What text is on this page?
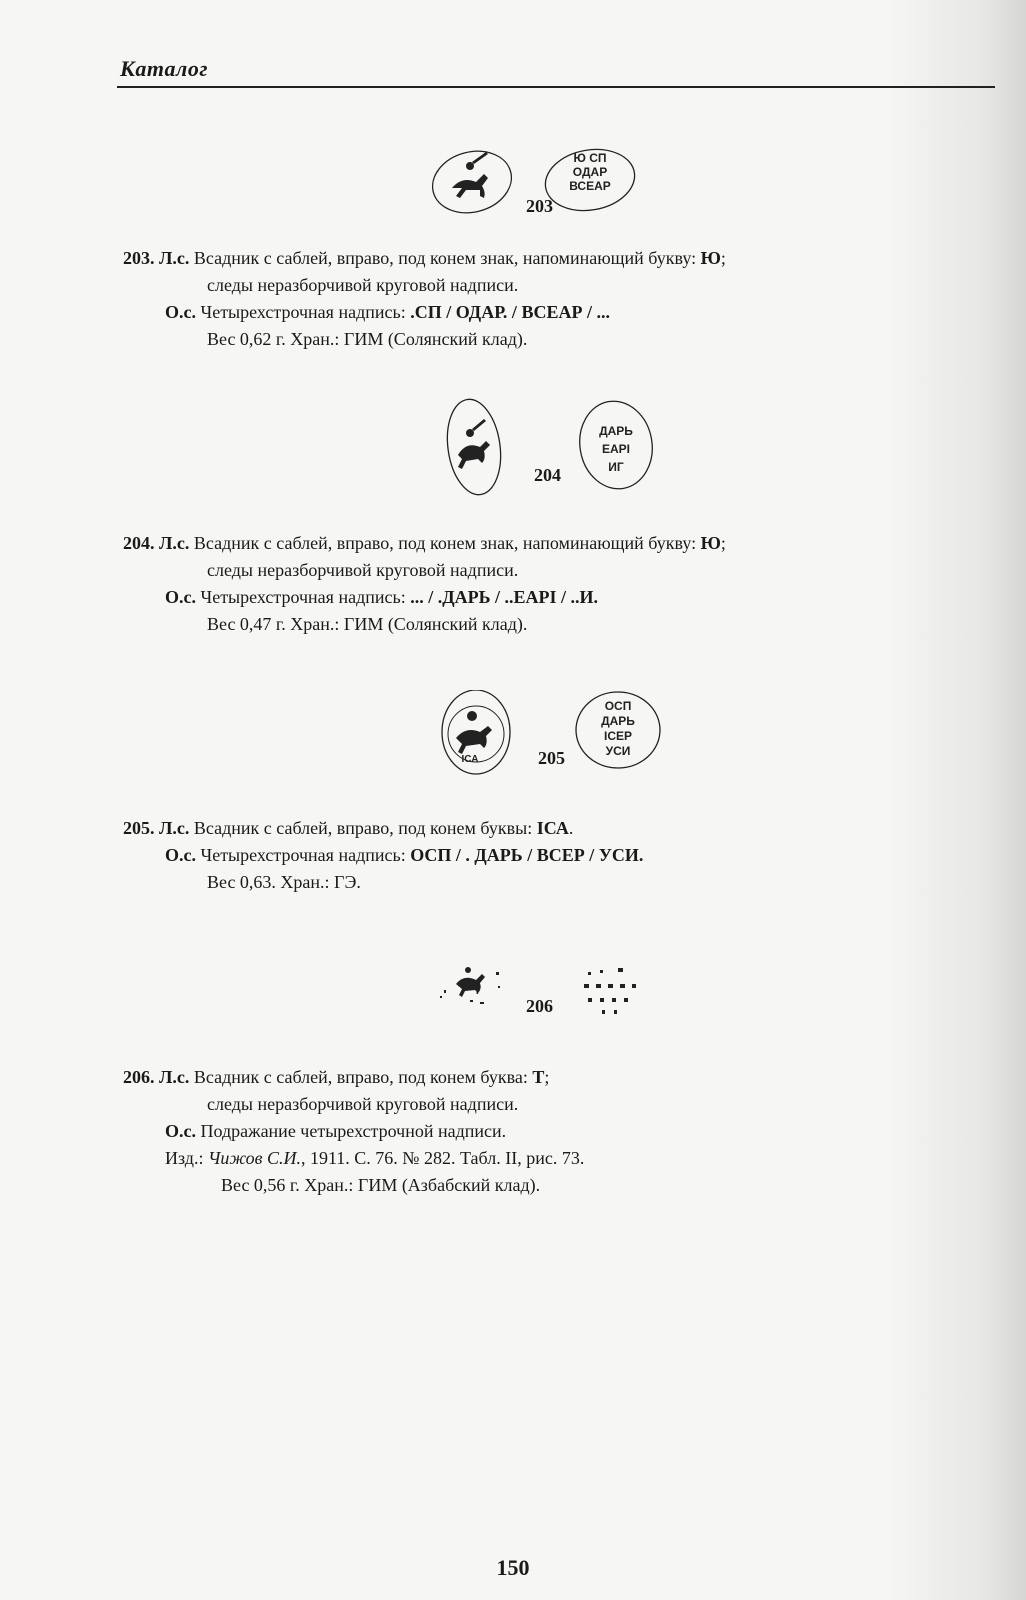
Каталог
Ю СП
ОДАР
ВСЕАР
203
203. Л.с. Всадник с саблей, вправо, под конем знак, напоминающий букву: Ю;
следы неразборчивой круговой надписи.
О.с. Четырехстрочная надпись: .СП / ОДАР. / ВСЕАР / ...
Вес 0,62 г. Хран.: ГИМ (Солянский клад).
ДАРЬ
ЕАРI
ИГ
204
204. Л.с. Всадник с саблей, вправо, под конем знак, напоминающий букву: Ю;
следы неразборчивой круговой надписи.
О.с. Четырехстрочная надпись: ... / .ДАРЬ / ..ЕАРI / ..И.
Вес 0,47 г. Хран.: ГИМ (Солянский клад).
IСА
ОСП
ДАРЬ
ICEР
УСИ
205
205. Л.с. Всадник с саблей, вправо, под конем буквы: IСА.
О.с. Четырехстрочная надпись: ОСП / . ДАРЬ / ВСЕР / УСИ.
Вес 0,63. Хран.: ГЭ.
T
206
206. Л.с. Всадник с саблей, вправо, под конем буква: Т;
следы неразборчивой круговой надписи.
О.с. Подражание четырехстрочной надписи.
Изд.: Чижов С.И., 1911. С. 76. № 282. Табл. II, рис. 73.
Вес 0,56 г. Хран.: ГИМ (Азбабский клад).
150
